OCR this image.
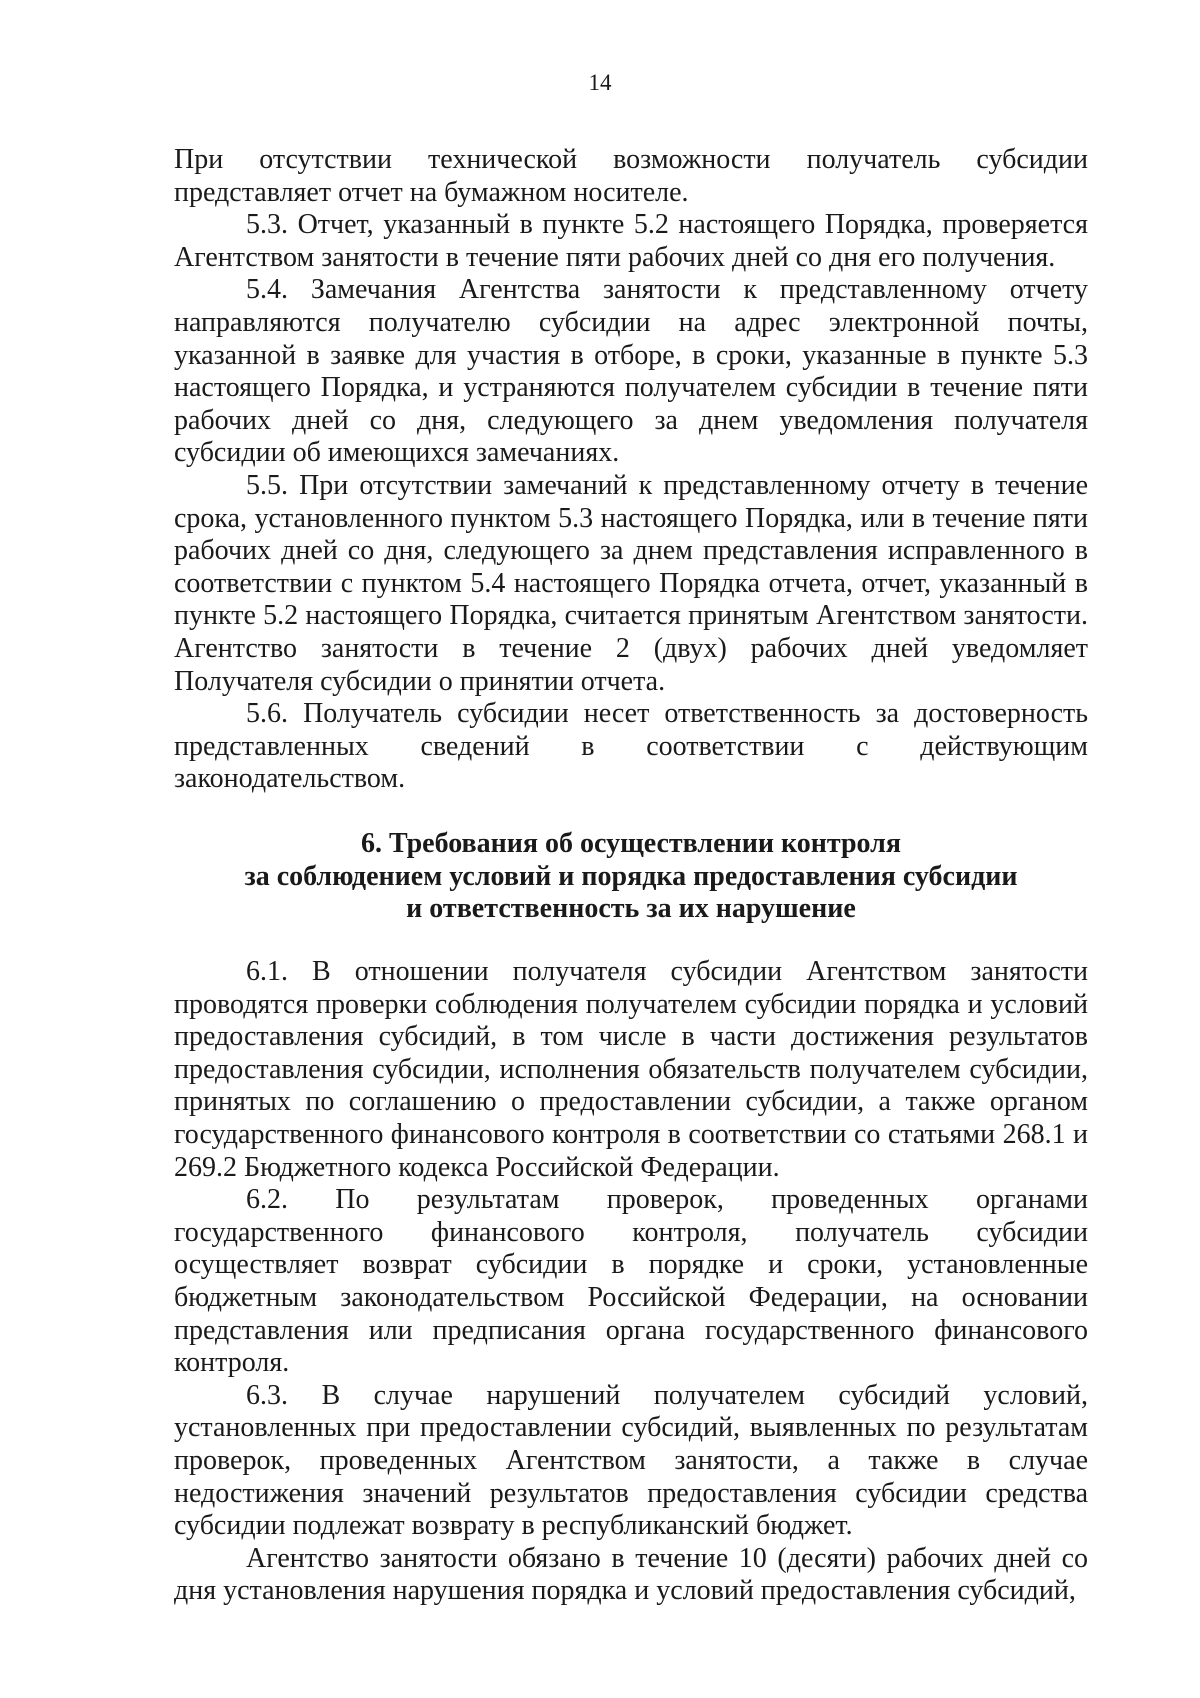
14

При отсутствии технической возможности получатель субсидии представляет отчет на бумажном носителе.

5.3. Отчет, указанный в пункте 5.2 настоящего Порядка, проверяется Агентством занятости в течение пяти рабочих дней со дня его получения.

5.4. Замечания Агентства занятости к представленному отчету направляются получателю субсидии на адрес электронной почты, указанной в заявке для участия в отборе, в сроки, указанные в пункте 5.3 настоящего Порядка, и устраняются получателем субсидии в течение пяти рабочих дней со дня, следующего за днем уведомления получателя субсидии об имеющихся замечаниях.

5.5. При отсутствии замечаний к представленному отчету в течение срока, установленного пунктом 5.3 настоящего Порядка, или в течение пяти рабочих дней со дня, следующего за днем представления исправленного в соответствии с пунктом 5.4 настоящего Порядка отчета, отчет, указанный в пункте 5.2 настоящего Порядка, считается принятым Агентством занятости. Агентство занятости в течение 2 (двух) рабочих дней уведомляет Получателя субсидии о принятии отчета.

5.6. Получатель субсидии несет ответственность за достоверность представленных сведений в соответствии с действующим законодательством.

6. Требования об осуществлении контроля
за соблюдением условий и порядка предоставления субсидии
и ответственность за их нарушение

6.1. В отношении получателя субсидии Агентством занятости проводятся проверки соблюдения получателем субсидии порядка и условий предоставления субсидий, в том числе в части достижения результатов предоставления субсидии, исполнения обязательств получателем субсидии, принятых по соглашению о предоставлении субсидии, а также органом государственного финансового контроля в соответствии со статьями 268.1 и 269.2 Бюджетного кодекса Российской Федерации.

6.2. По результатам проверок, проведенных органами государственного финансового контроля, получатель субсидии осуществляет возврат субсидии в порядке и сроки, установленные бюджетным законодательством Российской Федерации, на основании представления или предписания органа государственного финансового контроля.

6.3. В случае нарушений получателем субсидий условий, установленных при предоставлении субсидий, выявленных по результатам проверок, проведенных Агентством занятости, а также в случае недостижения значений результатов предоставления субсидии средства субсидии подлежат возврату в республиканский бюджет.

Агентство занятости обязано в течение 10 (десяти) рабочих дней со дня установления нарушения порядка и условий предоставления субсидий,
